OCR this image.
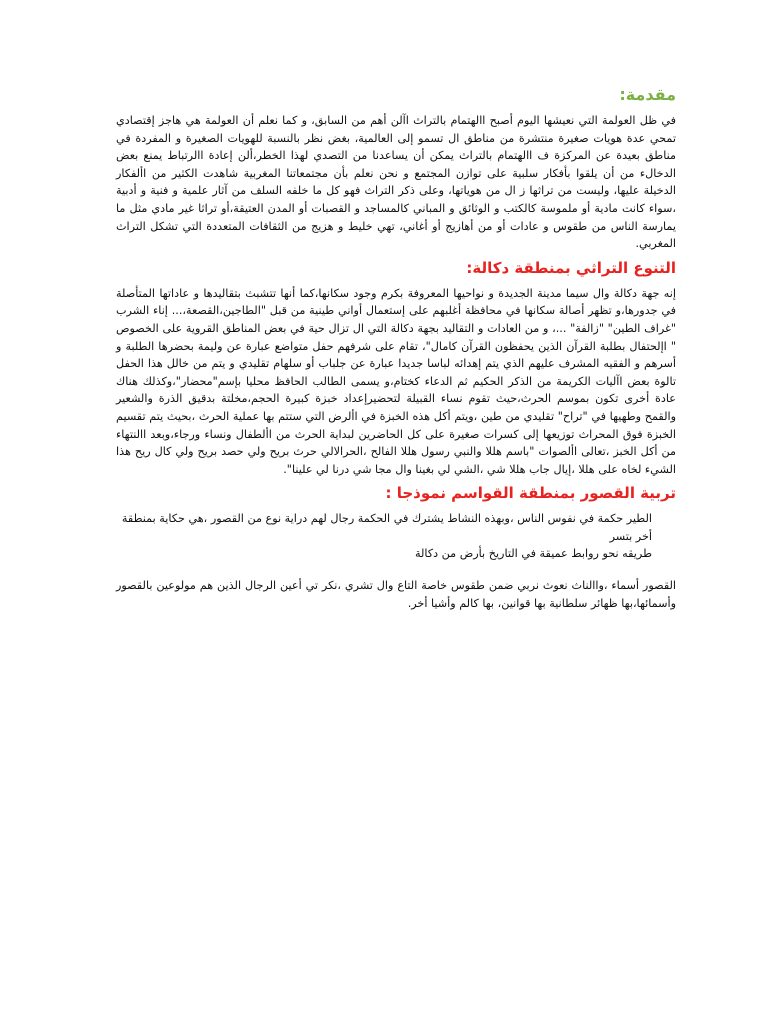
مقدمة:

في ظل العولمة التي نعيشها اليوم أصبح االهتمام بالتراث اآلن أهم من السابق، و كما نعلم أن العولمة هي هاجز إقتصادي تمحي عدة هويات صغيرة منتشرة من مناطق ال تسمو إلى العالمية، بغض نظر بالنسبة للهويات الصغيرة و المفردة في مناطق بعيدة عن المركزة ف االهتمام بالتراث يمكن أن يساعدنا من التصدي لهذا الخطر،ألن إعادة االرتباط يمنع بعض الدخالء من أن يلقوا بأفكار سلبية على توازن المجتمع و نحن نعلم بأن مجتمعاتنا المغربية شاهدت الكثير من األفكار الدخيلة عليها، وليست من تراثها ز ال من هوياتها، وعلى ذكر التراث فهو كل ما خلفه السلف من آثار علمية و فنية و أدبية ،سواء كانت مادية أو ملموسة كالكتب و الوثائق و المباني كالمساجد و القصبات أو المدن العتيقة،أو تراثا غير مادي مثل ما يمارسة الناس من طقوس و عادات أو من أهازيج أو أغاني، تهي خليط و هزيج من الثقافات المتعددة التي تشكل التراث المغربي.

التنوع التراثي بمنطقة دكالة:

إنه جهة دكالة وال سيما مدينة الجديدة و نواحيها المعروفة بكرم وجود سكانها،كما أنها تتشبث بتقاليدها و عاداتها المتأصلة في جدورها،و تظهر أصالة سكانها في محافظة أغلبهم على إستعمال أواني طينية من قبل "الطاجين،القصعة،... إناء الشرب "غراف الطين" "زالفة" ...، و من العادات و التقاليد بجهة دكالة التي ال تزال حية في بعض المناطق القروية على الخصوص " اإلحتفال بطلبة القرآن الذين يحفظون القرآن كامال"، تقام على شرفهم حفل متواضع عبارة عن وليمة بحضرها الطلبة و أسرهم و الفقيه المشرف عليهم الذي يتم إهدائه لباسا جديدا عبارة عن جلباب أو سلهام تقليدي و يتم من خالل هذا الحفل تالوة بعض اآليات الكريمة من الذكر الحكيم ثم الدعاء كختام،و يسمى الطالب الحافظ محليا بإسم"محضار"،وكذلك هناك عادة أخرى تكون بموسم الحرث،حيث تقوم نساء القبيلة لتحضيرإعداد خبزة كبيرة الحجم،مخلتة بدقيق الذرة والشعير والقمح وطهيها في "تراح" تقليدي من طين ،ويتم أكل هذه الخبزة في األرض التي ستتم بها عملية الحرث ،بحيث يتم تقسيم الخبزة فوق المحراث توزيعها إلى كسرات صغيرة على كل الحاضرين لبداية الحرث من األطفال ونساء ورجاء،وبعد االنتهاء من أكل الخبز ،تعالى األصوات "باسم هللا والنبي رسول هللا الفالح ،الحرالالي حرث بريح ولي حصد بريح ولي كال ريح هذا الشيء لخاه على هللا ،إيال جاب هللا شي ،الشي لي بغينا وال مجا شي درنا لي علينا".

تربية القصور بمنطقة القواسم نموذجا :
الطير حكمة في نفوس الناس ،وبهذه النشاط يشترك في الحكمة رجال لهم دراية نوع من القصور ،هي حكاية بمنطقة أخر بتسر
طريقه نحو روابط عميقة في التاريخ بأرض من دكالة

القصور أسماء ،واالناث نعوث نربي ضمن طقوس خاصة التاع وال تشري ،نكر تي أعين الرجال الذين هم مولوعين بالقصور وأسمائها،بها ظهائر سلطانية بها قوانين، بها كالم وأشيا أخر.
